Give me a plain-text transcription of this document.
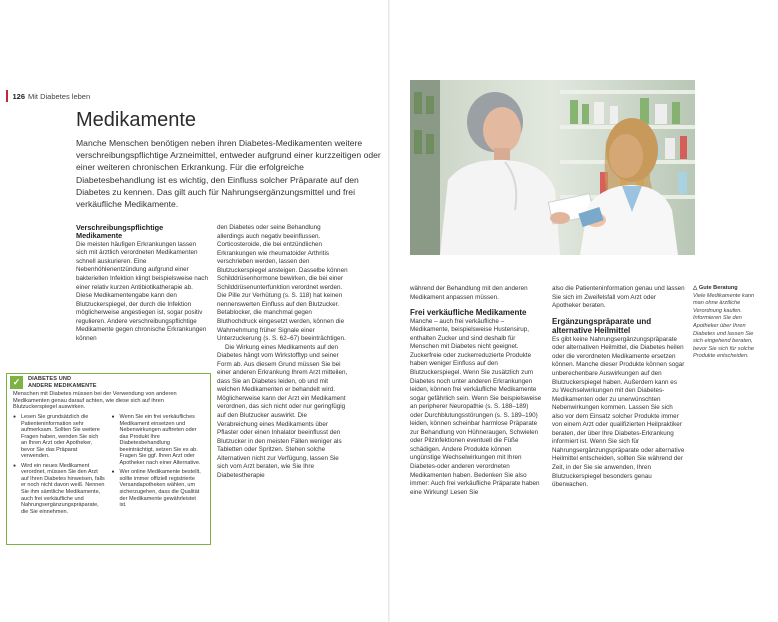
126 Mit Diabetes leben
Medikamente
Manche Menschen benötigen neben ihren Diabetes-Medikamenten weitere verschreibungspflichtige Arzneimittel, entweder aufgrund einer kurzzeitigen oder einer weiteren chronischen Erkrankung. Für die erfolgreiche Diabetesbehandlung ist es wichtig, den Einfluss solcher Präparate auf den Diabetes zu kennen. Das gilt auch für Nahrungsergänzungsmittel und frei verkäufliche Medikamente.
Verschreibungspflichtige Medikamente
Die meisten häufigen Erkrankungen lassen sich mit ärztlich verordneten Medikamenten schnell auskurieren. Eine Nebenhöhlenentzündung aufgrund einer bakteriellen Infektion klingt beispielsweise nach einer relativ kurzen Antibiotikatherapie ab. Diese Medikamentengabe kann den Blutzuckerspiegel, der durch die Infektion möglicherweise angestiegen ist, sogar positiv regulieren. Andere verschreibungspflichtige Medikamente gegen chronische Erkrankungen können
den Diabetes oder seine Behandlung allerdings auch negativ beeinflussen. Corticosteroide, die bei entzündlichen Erkrankungen wie rheumatoider Arthritis verschrieben werden, lassen den Blutzuckerspiegel ansteigen. Dasselbe können Schilddrüsenhormone bewirken, die bei einer Schilddrüsenunterfunktion verordnet werden. Die Pille zur Verhütung (s. S. 118) hat keinen nennenswerten Einfluss auf den Blutzucker. Betablocker, die manchmal gegen Bluthochdruck eingesetzt werden, können die Wahrnehmung früher Signale einer Unterzuckerung (s. S. 62–67) beeinträchtigen.
Die Wirkung eines Medikaments auf den Diabetes hängt vom Wirkstofftyp und seiner Form ab. Aus diesem Grund müssen Sie bei einer anderen Erkrankung Ihrem Arzt mitteilen, dass Sie an Diabetes leiden, ob und mit welchen Medikamenten er behandelt wird. Möglicherweise kann der Arzt ein Medikament verordnen, das sich nicht oder nur geringfügig auf den Blutzucker auswirkt. Die Verabreichung eines Medikaments über Pflaster oder einen Inhalator beeinflusst den Blutzucker in den meisten Fällen weniger als Tabletten oder Spritzen. Stehen solche Alternativen nicht zur Verfügung, lassen Sie sich vom Arzt beraten, wie Sie Ihre Diabetestherapie
✓	DIABETES UND
ANDERE MEDIKAMENTE
Menschen mit Diabetes müssen bei der Verwendung von anderen Medikamenten genau darauf achten, wie diese sich auf ihren Blutzuckerspiegel auswirken.
● Lesen Sie grundsätzlich die Patienteninformation sehr aufmerksam. Sollten Sie weitere Fragen haben, wenden Sie sich an Ihren Arzt oder Apotheker, bevor Sie das Präparat verwenden.
● Wird ein neues Medikament verordnet, müssen Sie den Arzt auf Ihren Diabetes hinweisen, falls er noch nicht davon weiß. Nennen Sie ihm sämtliche Medikamente, auch frei verkäufliche und Nahrungsergänzungspräparate, die Sie einnehmen.
● Wenn Sie ein frei verkäufliches Medikament einsetzen und Nebenwirkungen auftreten oder das Produkt Ihre Diabetesbehandlung beeinträchtigt, setzen Sie es ab. Fragen Sie ggf. Ihren Arzt oder Apotheker nach einer Alternative.
● Wer online Medikamente bestellt, sollte immer offiziell registrierte Versandapotheken wählen, um sicherzugehen, dass die Qualität der Medikamente gewährleistet ist.
während der Behandlung mit den anderen Medikament anpassen müssen.
Frei verkäufliche Medikamente
Manche – auch frei verkäufliche – Medikamente, beispielsweise Hustensirup, enthalten Zucker und sind deshalb für Menschen mit Diabetes nicht geeignet. Zuckerfreie oder zuckerreduzierte Produkte haben weniger Einfluss auf den Blutzuckerspiegel. Wenn Sie zusätzlich zum Diabetes noch unter anderen Erkrankungen leiden, können frei verkäufliche Medikamente sogar gefährlich sein. Wenn Sie beispielsweise an peripherer Neuropathie (s. S. 188–189) oder Durchblutungsstörungen (s. S. 189–190) leiden, können scheinbar harmlose Präparate zur Behandlung von Hühneraugen, Schwielen oder Pilzinfektionen eventuell die Füße schädigen. Andere Produkte können ungünstige Wechselwirkungen mit Ihren Diabetes-oder anderen verordneten Medikamenten haben. Bedenken Sie also immer: Auch frei verkäufliche Präparate haben eine Wirkung! Lesen Sie
also die Patienteninformation genau und lassen Sie sich im Zweifelsfall vom Arzt oder Apotheker beraten.
Ergänzungspräparate und alternative Heilmittel
Es gibt keine Nahrungsergänzungspräparate oder alternativen Heilmittel, die Diabetes heilen oder die verordneten Medikamente ersetzen können. Manche dieser Produkte können sogar unberechenbare Auswirkungen auf den Blutzuckerspiegel haben. Außerdem kann es zu Wechselwirkungen mit den Diabetes-Medikamenten oder zu unerwünschten Nebenwirkungen kommen. Lassen Sie sich also vor dem Einsatz solcher Produkte immer von einem Arzt oder qualifizierten Heilpraktiker beraten, der über Ihre Diabetes-Erkrankung informiert ist. Wenn Sie sich für Nahrungsergänzungspräparate oder alternative Heilmittel entscheiden, sollten Sie während der Zeit, in der Sie sie anwenden, Ihren Blutzuckerspiegel besonders genau überwachen.
△ Gute Beratung
Viele Medikamente kann man ohne ärztliche Verordnung kaufen. Informieren Sie den Apotheker über Ihren Diabetes und lassen Sie sich eingehend beraten, bevor Sie sich für solche Produkte entscheiden.
